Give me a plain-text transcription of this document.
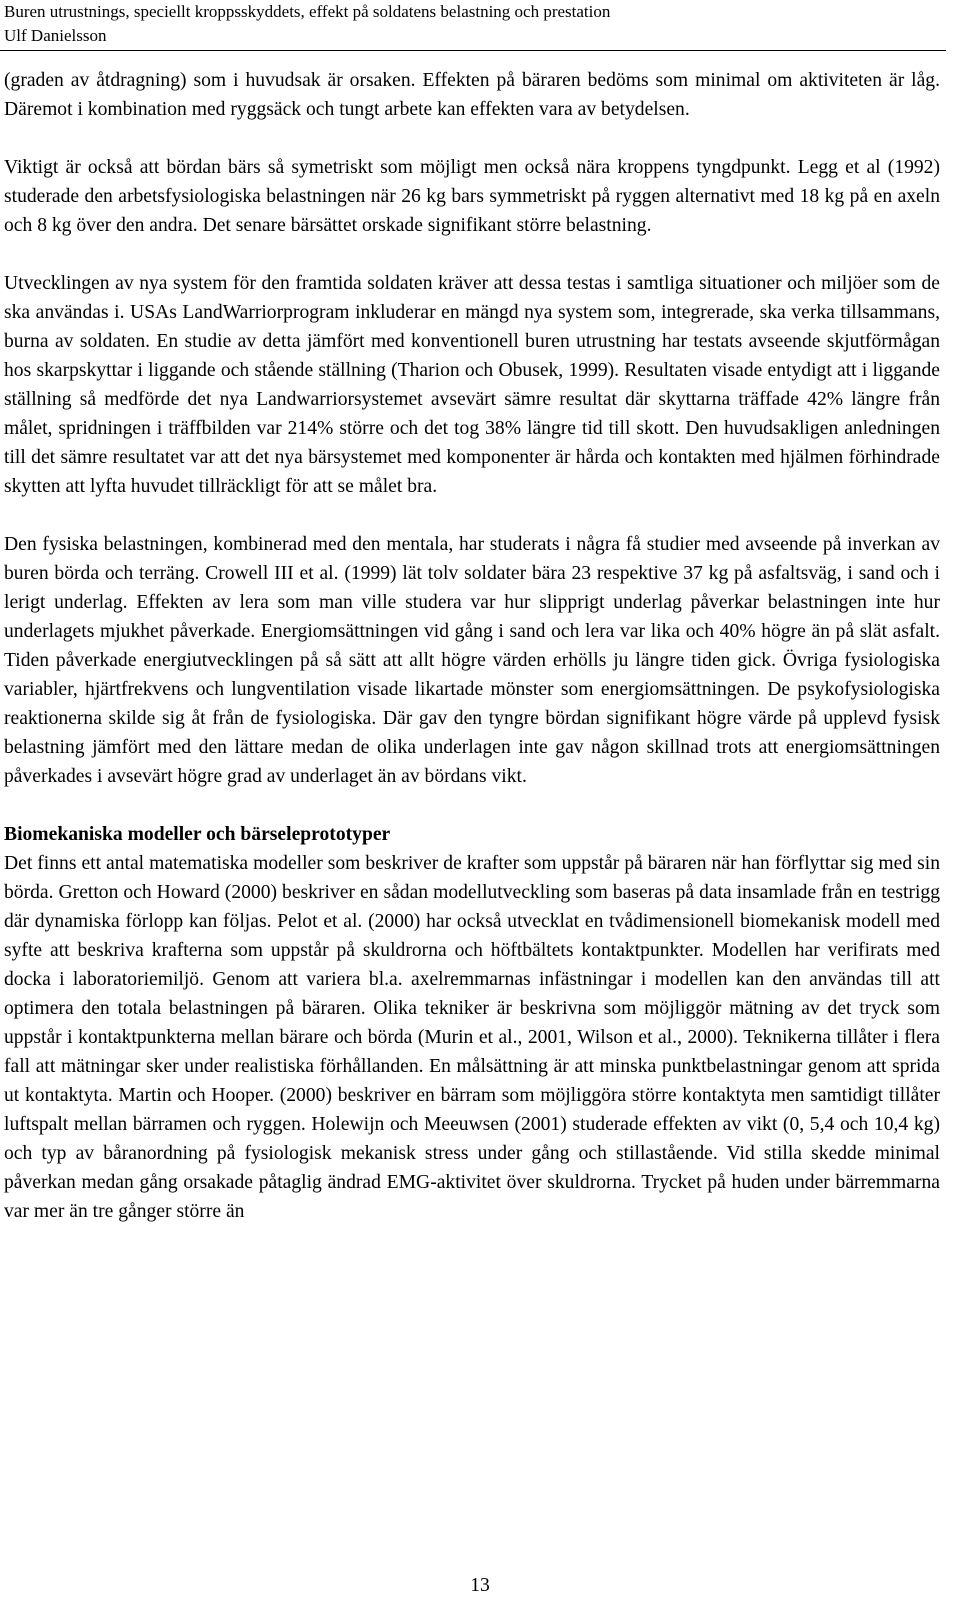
Buren utrustnings, speciellt kroppsskyddets, effekt på soldatens belastning och prestation
Ulf Danielsson

(graden av åtdragning) som i huvudsak är orsaken. Effekten på bäraren bedöms som minimal om aktiviteten är låg. Däremot i kombination med ryggsäck och tungt arbete kan effekten vara av betydelsen.

Viktigt är också att bördan bärs så symetriskt som möjligt men också nära kroppens tyngdpunkt. Legg et al (1992) studerade den arbetsfysiologiska belastningen när 26 kg bars symmetriskt på ryggen alternativt med 18 kg på en axeln och 8 kg över den andra. Det senare bärsättet orskade signifikant större belastning.

Utvecklingen av nya system för den framtida soldaten kräver att dessa testas i samtliga situationer och miljöer som de ska användas i. USAs LandWarriorprogram inkluderar en mängd nya system som, integrerade, ska verka tillsammans, burna av soldaten. En studie av detta jämfört med konventionell buren utrustning har testats avseende skjutförmågan hos skarpskyttar i liggande och stående ställning (Tharion och Obusek, 1999). Resultaten visade entydigt att i liggande ställning så medförde det nya Landwarriorsystemet avsevärt sämre resultat där skyttarna träffade 42% längre från målet, spridningen i träffbilden var 214% större och det tog 38% längre tid till skott. Den huvudsakligen anledningen till det sämre resultatet var att det nya bärsystemet med komponenter är hårda och kontakten med hjälmen förhindrade skytten att lyfta huvudet tillräckligt för att se målet bra.

Den fysiska belastningen, kombinerad med den mentala, har studerats i några få studier med avseende på inverkan av buren börda och terräng. Crowell III et al. (1999) lät tolv soldater bära 23 respektive 37 kg på asfaltsväg, i sand och i lerigt underlag. Effekten av lera som man ville studera var hur slipprigt underlag påverkar belastningen inte hur underlagets mjukhet påverkade. Energiomsättningen vid gång i sand och lera var lika och 40% högre än på slät asfalt. Tiden påverkade energiutvecklingen på så sätt att allt högre värden erhölls ju längre tiden gick. Övriga fysiologiska variabler, hjärtfrekvens och lungventilation visade likartade mönster som energiomsättningen. De psykofysiologiska reaktionerna skilde sig åt från de fysiologiska. Där gav den tyngre bördan signifikant högre värde på upplevd fysisk belastning jämfört med den lättare medan de olika underlagen inte gav någon skillnad trots att energiomsättningen påverkades i avsevärt högre grad av underlaget än av bördans vikt.

Biomekaniska modeller och bärseleprototyper

Det finns ett antal matematiska modeller som beskriver de krafter som uppstår på bäraren när han förflyttar sig med sin börda. Gretton och Howard (2000) beskriver en sådan modellutveckling som baseras på data insamlade från en testrigg där dynamiska förlopp kan följas. Pelot et al. (2000) har också utvecklat en tvådimensionell biomekanisk modell med syfte att beskriva krafterna som uppstår på skuldrorna och höftbältets kontaktpunkter. Modellen har verifirats med docka i laboratoriemiljö. Genom att variera bl.a. axelremmarnas infästningar i modellen kan den användas till att optimera den totala belastningen på bäraren. Olika tekniker är beskrivna som möjliggör mätning av det tryck som uppstår i kontaktpunkterna mellan bärare och börda (Murin et al., 2001, Wilson et al., 2000). Teknikerna tillåter i flera fall att mätningar sker under realistiska förhållanden. En målsättning är att minska punktbelastningar genom att sprida ut kontaktyta. Martin och Hooper. (2000) beskriver en bärram som möjliggöra större kontaktyta men samtidigt tillåter luftspalt mellan bärramen och ryggen. Holewijn och Meeuwsen (2001) studerade effekten av vikt (0, 5,4 och 10,4 kg) och typ av båranordning på fysiologisk mekanisk stress under gång och stillastående. Vid stilla skedde minimal påverkan medan gång orsakade påtaglig ändrad EMG-aktivitet över skuldrorna. Trycket på huden under bärremmarna var mer än tre gånger större än

13
